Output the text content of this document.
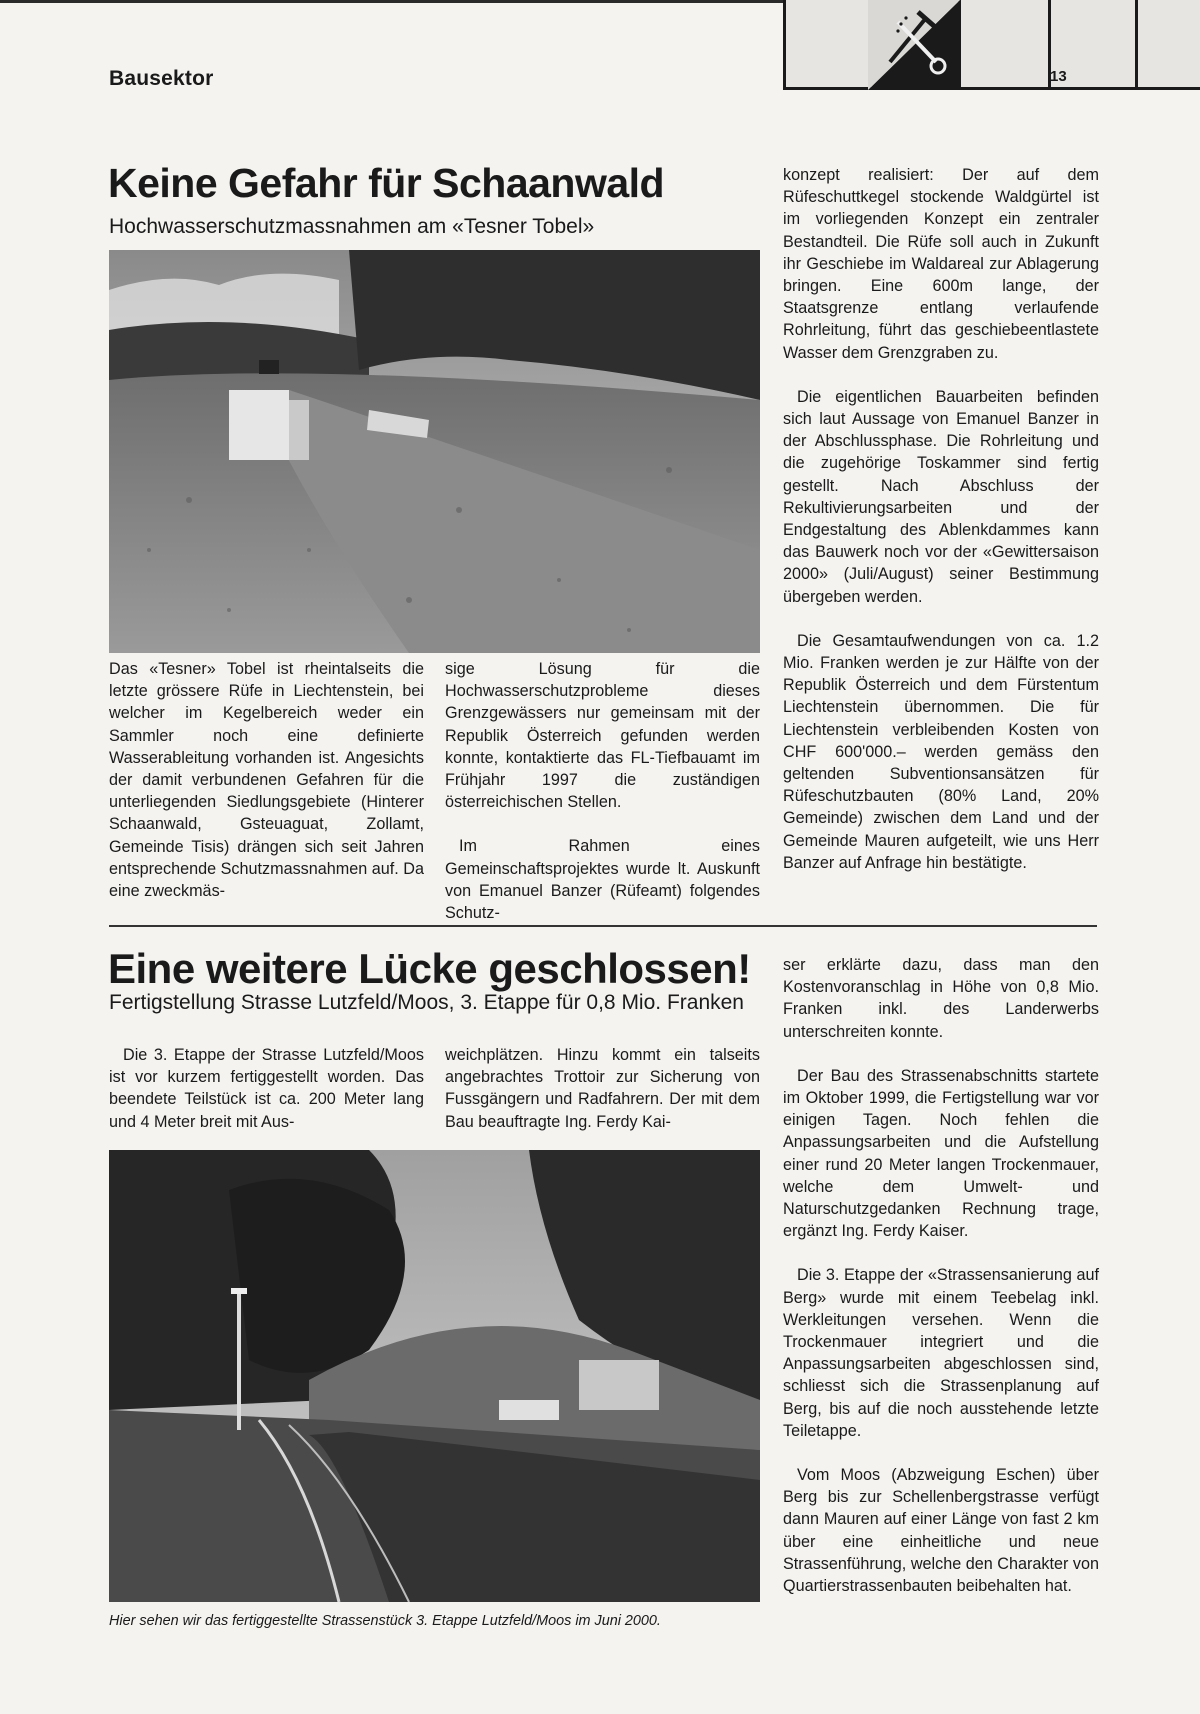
Bausektor	13
Keine Gefahr für Schaanwald
Hochwasserschutzmassnahmen am «Tesner Tobel»

Das «Tesner» Tobel ist rheintalseits die letzte grössere Rüfe in Liechtenstein, bei welcher im Kegelbereich weder ein Sammler noch eine definierte Wasserableitung vorhanden ist. Angesichts der damit verbundenen Gefahren für die unterliegenden Siedlungsgebiete (Hinterer Schaanwald, Gsteuaguat, Zollamt, Gemeinde Tisis) drängen sich seit Jahren entsprechende Schutzmassnahmen auf. Da eine zweckmäs-

sige Lösung für die Hochwasserschutzprobleme dieses Grenzgewässers nur gemeinsam mit der Republik Österreich gefunden werden konnte, kontaktierte das FL-Tiefbauamt im Frühjahr 1997 die zuständigen österreichischen Stellen.

Im Rahmen eines Gemeinschaftsprojektes wurde lt. Auskunft von Emanuel Banzer (Rüfeamt) folgendes Schutz-

konzept realisiert: Der auf dem Rüfeschuttkegel stockende Waldgürtel ist im vorliegenden Konzept ein zentraler Bestandteil. Die Rüfe soll auch in Zukunft ihr Geschiebe im Waldareal zur Ablagerung bringen. Eine 600m lange, der Staatsgrenze entlang verlaufende Rohrleitung, führt das geschiebeentlastete Wasser dem Grenzgraben zu.

Die eigentlichen Bauarbeiten befinden sich laut Aussage von Emanuel Banzer in der Abschlussphase. Die Rohrleitung und die zugehörige Toskammer sind fertig gestellt. Nach Abschluss der Rekultivierungsarbeiten und der Endgestaltung des Ablenkdammes kann das Bauwerk noch vor der «Gewittersaison 2000» (Juli/August) seiner Bestimmung übergeben werden.

Die Gesamtaufwendungen von ca. 1.2 Mio. Franken werden je zur Hälfte von der Republik Österreich und dem Fürstentum Liechtenstein übernommen. Die für Liechtenstein verbleibenden Kosten von CHF 600'000.– werden gemäss den geltenden Subventionsansätzen für Rüfeschutzbauten (80% Land, 20% Gemeinde) zwischen dem Land und der Gemeinde Mauren aufgeteilt, wie uns Herr Banzer auf Anfrage hin bestätigte.

Eine weitere Lücke geschlossen!
Fertigstellung Strasse Lutzfeld/Moos, 3. Etappe für 0,8 Mio. Franken

Die 3. Etappe der Strasse Lutzfeld/Moos ist vor kurzem fertiggestellt worden. Das beendete Teilstück ist ca. 200 Meter lang und 4 Meter breit mit Aus-

weichplätzen. Hinzu kommt ein talseits angebrachtes Trottoir zur Sicherung von Fussgängern und Radfahrern. Der mit dem Bau beauftragte Ing. Ferdy Kai-

Hier sehen wir das fertiggestellte Strassenstück 3. Etappe Lutzfeld/Moos im Juni 2000.

ser erklärte dazu, dass man den Kostenvoranschlag in Höhe von 0,8 Mio. Franken inkl. des Landerwerbs unterschreiten konnte.

Der Bau des Strassenabschnitts startete im Oktober 1999, die Fertigstellung war vor einigen Tagen. Noch fehlen die Anpassungsarbeiten und die Aufstellung einer rund 20 Meter langen Trockenmauer, welche dem Umwelt- und Naturschutzgedanken Rechnung trage, ergänzt Ing. Ferdy Kaiser.

Die 3. Etappe der «Strassensanierung auf Berg» wurde mit einem Teebelag inkl. Werkleitungen versehen. Wenn die Trockenmauer integriert und die Anpassungsarbeiten abgeschlossen sind, schliesst sich die Strassenplanung auf Berg, bis auf die noch ausstehende letzte Teiletappe.

Vom Moos (Abzweigung Eschen) über Berg bis zur Schellenbergstrasse verfügt dann Mauren auf einer Länge von fast 2 km über eine einheitliche und neue Strassenführung, welche den Charakter von Quartierstrassenbauten beibehalten hat.
